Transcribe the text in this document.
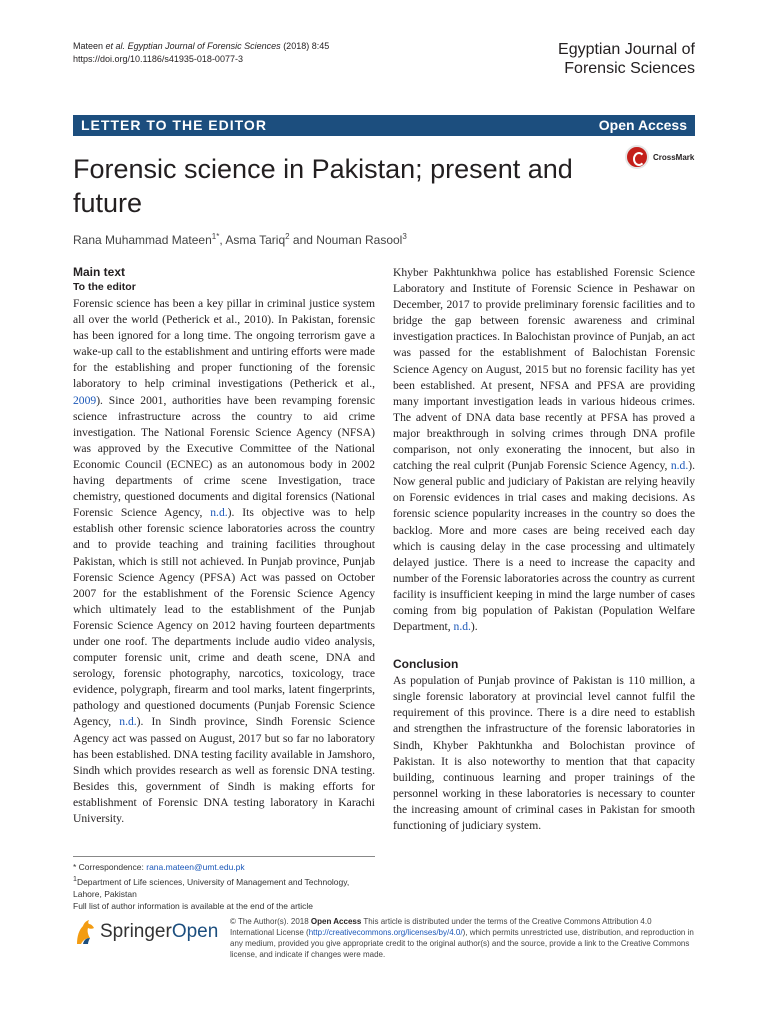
Mateen et al. Egyptian Journal of Forensic Sciences (2018) 8:45
https://doi.org/10.1186/s41935-018-0077-3
Egyptian Journal of
Forensic Sciences
LETTER TO THE EDITOR	Open Access
Forensic science in Pakistan; present and future
CrossMark
Rana Muhammad Mateen$^{1*}$, Asma Tariq$^2$ and Nouman Rasool$^3$
Main text
To the editor

Forensic science has been a key pillar in criminal justice system all over the world (Petherick et al., 2010). In Pakistan, forensic has been ignored for a long time. The ongoing terrorism gave a wake-up call to the establishment and untiring efforts were made for the establishing and proper functioning of the forensic laboratory to help criminal investigations (Petherick et al., 2009). Since 2001, authorities have been revamping forensic science infrastructure across the country to aid crime investigation. The National Forensic Science Agency (NFSA) was approved by the Executive Committee of the National Economic Council (ECNEC) as an autonomous body in 2002 having departments of crime scene Investigation, trace chemistry, questioned documents and digital forensics (National Forensic Science Agency, n.d.). Its objective was to help establish other forensic science laboratories across the country and to provide teaching and training facilities throughout Pakistan, which is still not achieved. In Punjab province, Punjab Forensic Science Agency (PFSA) Act was passed on October 2007 for the establishment of the Forensic Science Agency which ultimately lead to the establishment of the Punjab Forensic Science Agency on 2012 having fourteen departments under one roof. The departments include audio video analysis, computer forensic unit, crime and death scene, DNA and serology, forensic photography, narcotics, toxicology, trace evidence, polygraph, firearm and tool marks, latent fingerprints, pathology and questioned documents (Punjab Forensic Science Agency, n.d.). In Sindh province, Sindh Forensic Science Agency act was passed on August, 2017 but so far no laboratory has been established. DNA testing facility available in Jamshoro, Sindh which provides research as well as forensic DNA testing. Besides this, government of Sindh is making efforts for establishment of Forensic DNA testing laboratory in Karachi University.

Khyber Pakhtunkhwa police has established Forensic Science Laboratory and Institute of Forensic Science in Peshawar on December, 2017 to provide preliminary forensic facilities and to bridge the gap between forensic awareness and criminal investigation practices. In Balochistan province of Punjab, an act was passed for the establishment of Balochistan Forensic Science Agency on August, 2015 but no forensic facility has yet been established. At present, NFSA and PFSA are providing many important investigation leads in various hideous crimes. The advent of DNA data base recently at PFSA has proved a major breakthrough in solving crimes through DNA profile comparison, not only exonerating the innocent, but also in catching the real culprit (Punjab Forensic Science Agency, n.d.). Now general public and judiciary of Pakistan are relying heavily on Forensic evidences in trial cases and making decisions. As forensic science popularity increases in the country so does the backlog. More and more cases are being received each day which is causing delay in the case processing and ultimately delayed justice. There is a need to increase the capacity and number of the Forensic laboratories across the country as current facility is insufficient keeping in mind the large number of cases coming from big population of Pakistan (Population Welfare Department, n.d.).

Conclusion

As population of Punjab province of Pakistan is 110 million, a single forensic laboratory at provincial level cannot fulfil the requirement of this province. There is a dire need to establish and strengthen the infrastructure of the forensic laboratories in Sindh, Khyber Pakhtunkha and Bolochistan province of Pakistan. It is also noteworthy to mention that that capacity building, continuous learning and proper trainings of the personnel working in these laboratories is necessary to counter the increasing amount of criminal cases in Pakistan for smooth functioning of judiciary system.

* Correspondence: rana.mateen@umt.edu.pk
$^1$Department of Life sciences, University of Management and Technology, Lahore, Pakistan
Full list of author information is available at the end of the article
SpringerOpen © The Author(s). 2018 Open Access This article is distributed under the terms of the Creative Commons Attribution 4.0 International License (http://creativecommons.org/licenses/by/4.0/), which permits unrestricted use, distribution, and reproduction in any medium, provided you give appropriate credit to the original author(s) and the source, provide a link to the Creative Commons license, and indicate if changes were made.
